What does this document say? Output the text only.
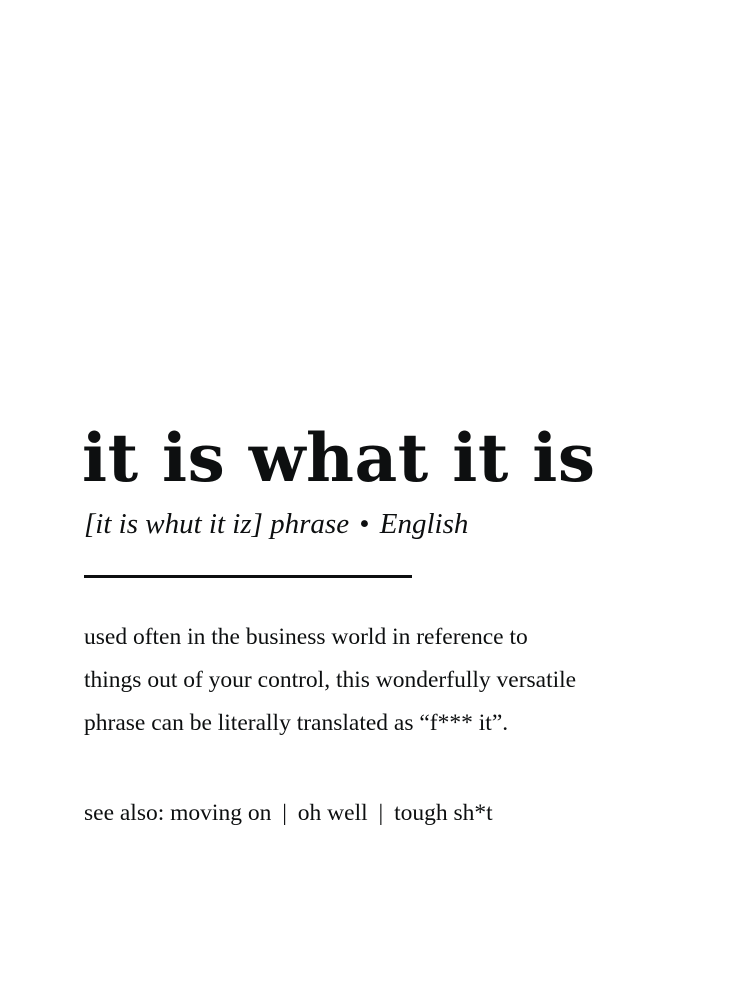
it is what it is
[it is whut it iz] phrase • English

used often in the business world in reference to

things out of your control, this wonderfully versatile

phrase can be literally translated as “f*** it”.

see also: moving on | oh well | tough sh*t
